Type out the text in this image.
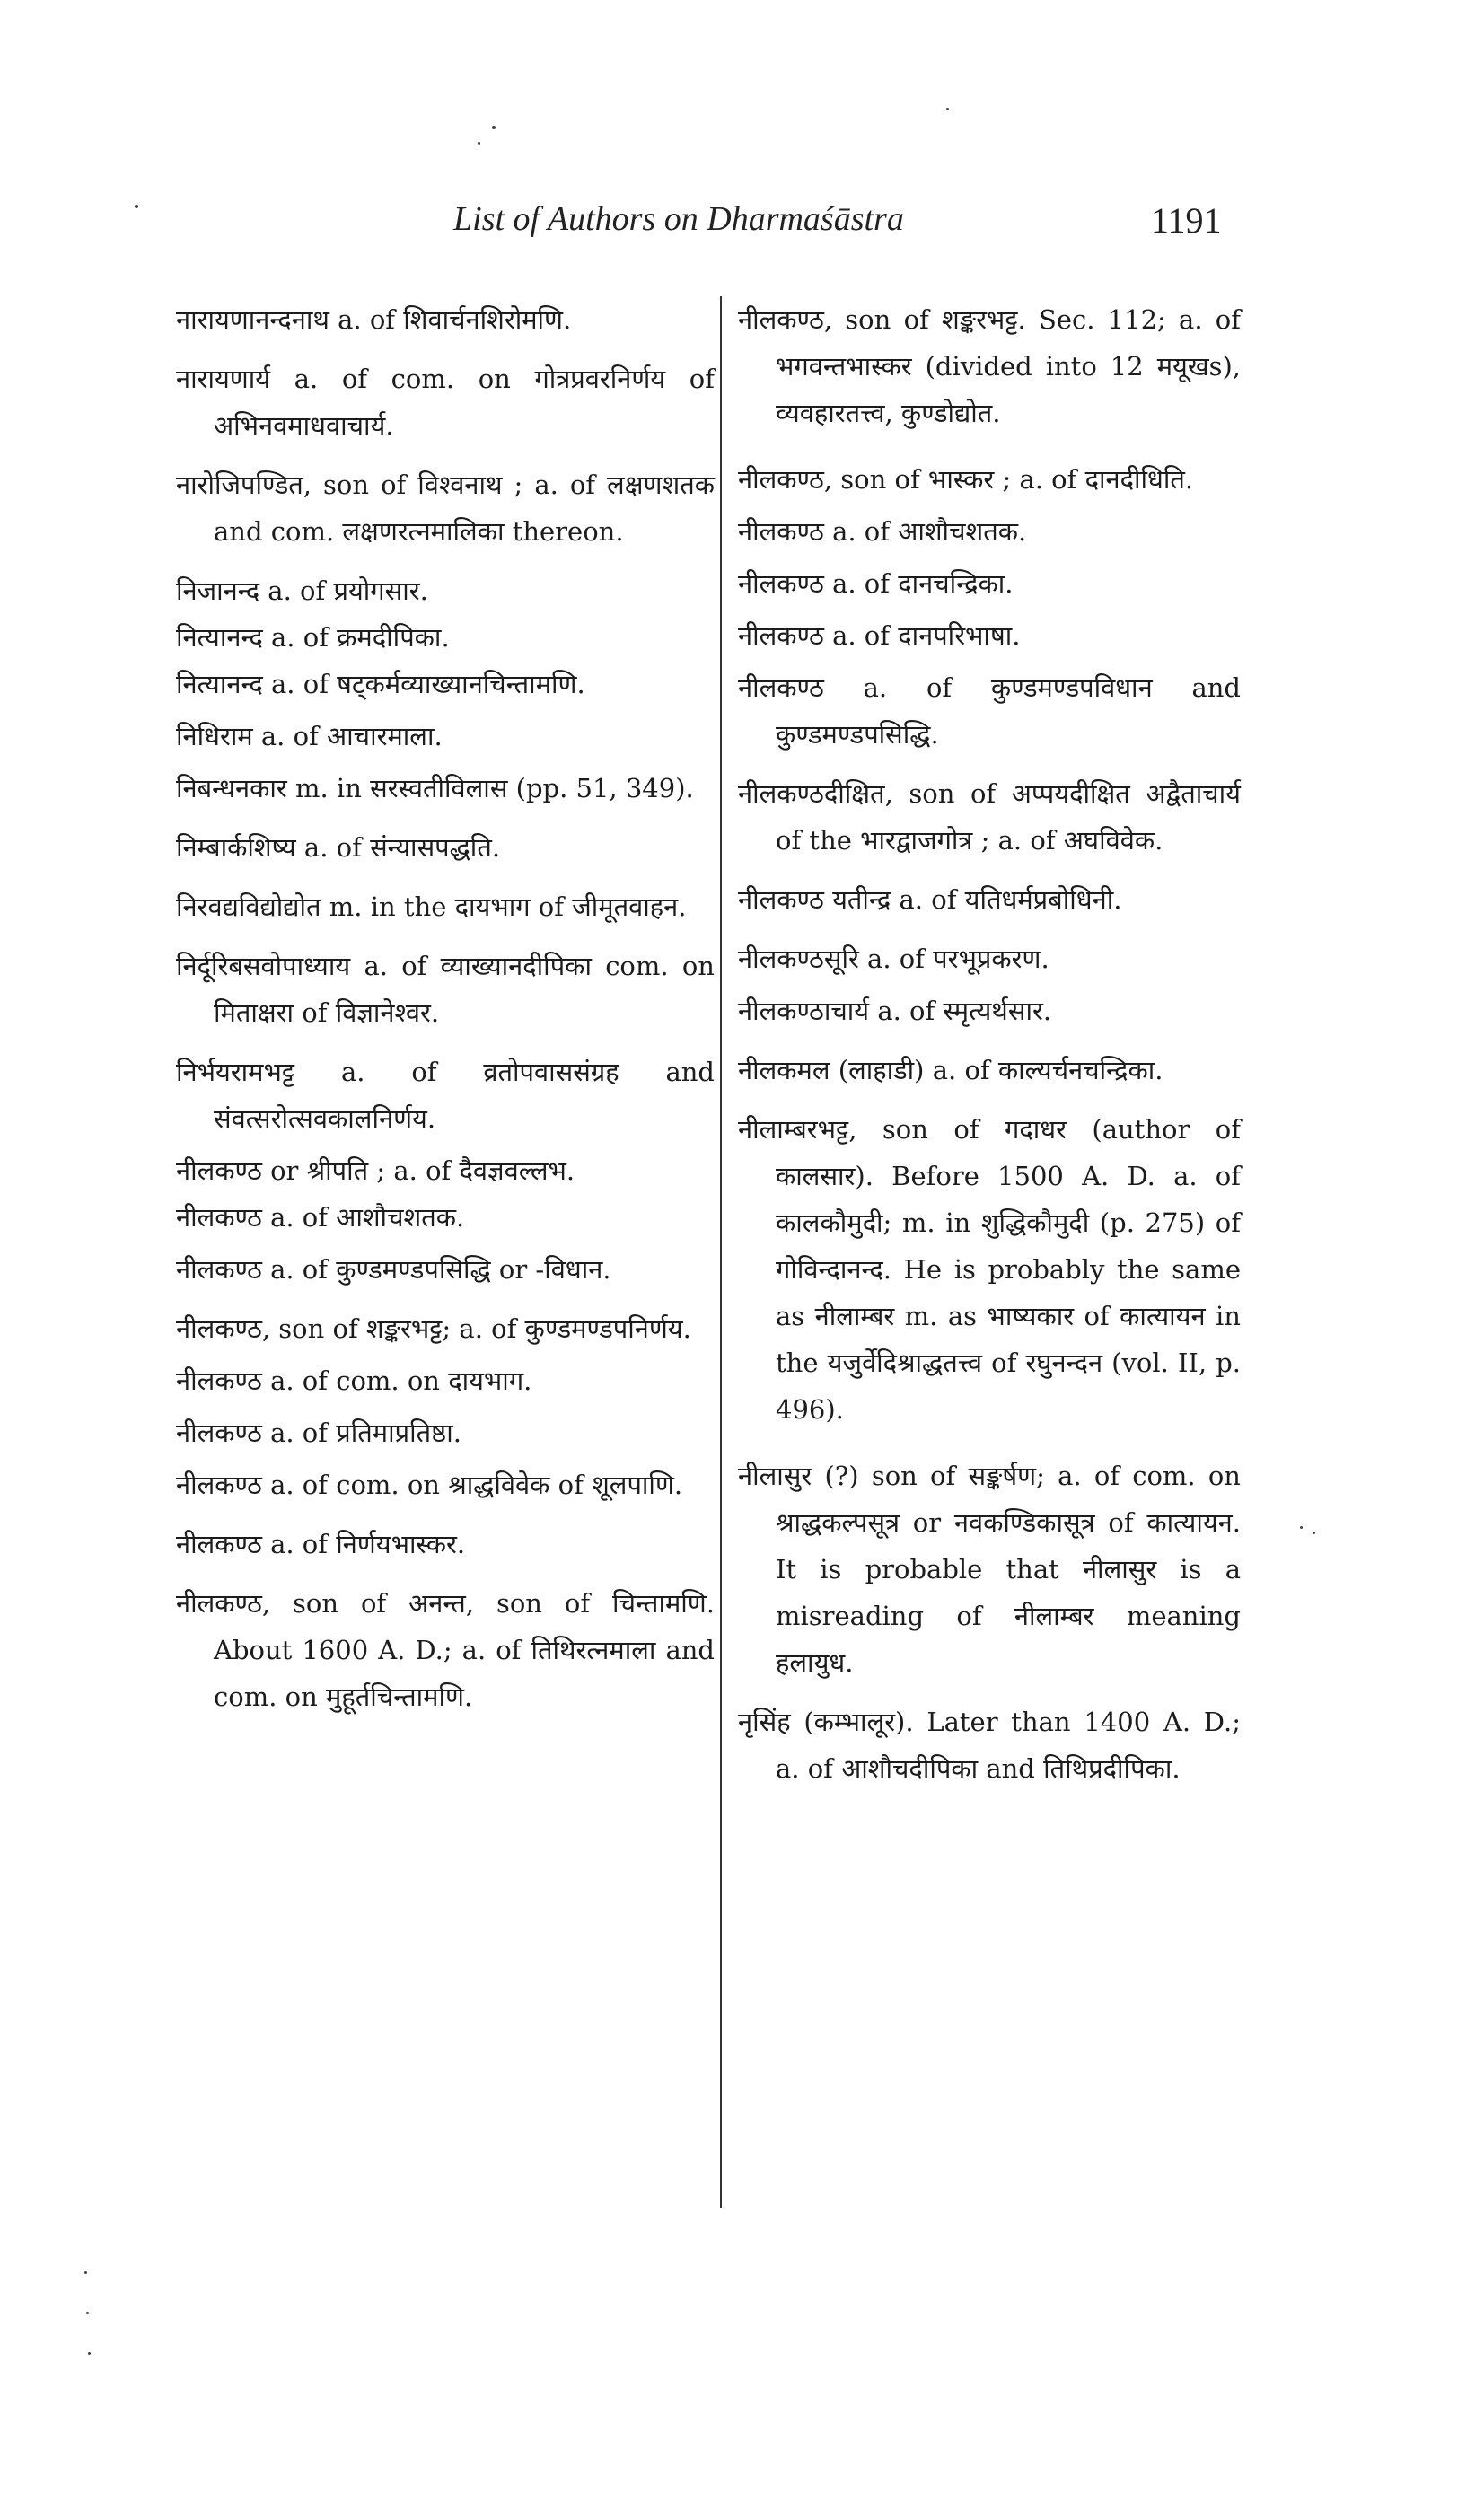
List of Authors on Dharmaśāstra	1191

नारायणानन्दनाथ a. of शिवार्चनशिरोमणि.

नारायणार्य a. of com. on गोत्रप्रवरनिर्णय of अभिनवमाधवाचार्य.

नारोजिपण्डित, son of विश्वनाथ ; a. of लक्षणशतक and com. लक्षणरत्नमालिका thereon.

निजानन्द a. of प्रयोगसार.

नित्यानन्द a. of क्रमदीपिका.

नित्यानन्द a. of षट्कर्मव्याख्यानचिन्तामणि.

निधिराम a. of आचारमाला.

निबन्धनकार m. in सरस्वतीविलास (pp. 51, 349).

निम्बार्कशिष्य a. of संन्यासपद्धति.

निरवद्यविद्योद्योत m. in the दायभाग of जीमूतवाहन.

निर्दूरिबसवोपाध्याय a. of व्याख्यानदीपिका com. on मिताक्षरा of विज्ञानेश्वर.

निर्भयरामभट्ट a. of व्रतोपवाससंग्रह and संवत्सरोत्सवकालनिर्णय.

नीलकण्ठ or श्रीपति ; a. of दैवज्ञवल्लभ.

नीलकण्ठ a. of आशौचशतक.

नीलकण्ठ a. of कुण्डमण्डपसिद्धि or -विधान.

नीलकण्ठ, son of शङ्करभट्ट; a. of कुण्डमण्डपनिर्णय.

नीलकण्ठ a. of com. on दायभाग.

नीलकण्ठ a. of प्रतिमाप्रतिष्ठा.

नीलकण्ठ a. of com. on श्राद्धविवेक of शूलपाणि.

नीलकण्ठ a. of निर्णयभास्कर.

नीलकण्ठ, son of अनन्त, son of चिन्तामणि. About 1600 A. D.; a. of तिथिरत्नमाला and com. on मुहूर्तचिन्तामणि.

नीलकण्ठ, son of शङ्करभट्ट. Sec. 112; a. of भगवन्तभास्कर (divided into 12 मयूखs), व्यवहारतत्त्व, कुण्डोद्योत.

नीलकण्ठ, son of भास्कर ; a. of दानदीधिति.

नीलकण्ठ a. of आशौचशतक.

नीलकण्ठ a. of दानचन्द्रिका.

नीलकण्ठ a. of दानपरिभाषा.

नीलकण्ठ a. of कुण्डमण्डपविधान and कुण्डमण्डपसिद्धि.

नीलकण्ठदीक्षित, son of अप्पयदीक्षित अद्वैताचार्य of the भारद्वाजगोत्र ; a. of अघविवेक.

नीलकण्ठ यतीन्द्र a. of यतिधर्मप्रबोधिनी.

नीलकण्ठसूरि a. of परभूप्रकरण.

नीलकण्ठाचार्य a. of स्मृत्यर्थसार.

नीलकमल (लाहाडी) a. of काल्यर्चनचन्द्रिका.

नीलाम्बरभट्ट, son of गदाधर (author of कालसार). Before 1500 A. D. a. of कालकौमुदी; m. in शुद्धिकौमुदी (p. 275) of गोविन्दानन्द. He is probably the same as नीलाम्बर m. as भाष्यकार of कात्यायन in the यजुर्वेदिश्राद्धतत्त्व of रघुनन्दन (vol. II, p. 496).

नीलासुर (?) son of सङ्कर्षण; a. of com. on श्राद्धकल्पसूत्र or नवकण्डिकासूत्र of कात्यायन. It is probable that नीलासुर is a misreading of नीलाम्बर meaning हलायुध.

नृसिंह (कम्भालूर). Later than 1400 A. D.; a. of आशौचदीपिका and तिथिप्रदीपिका.
